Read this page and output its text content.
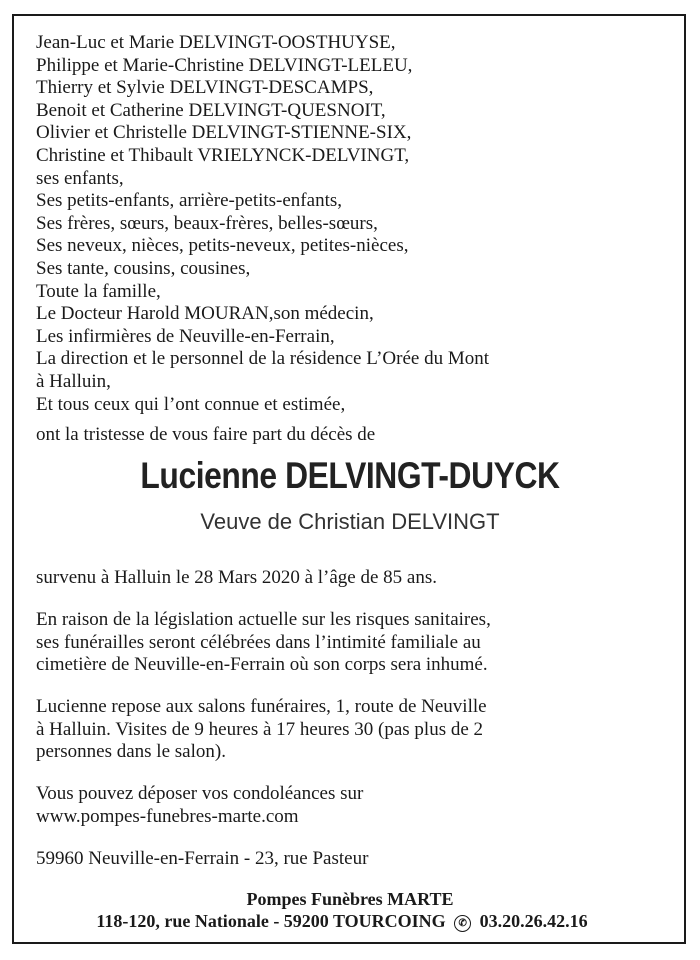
Jean-Luc et Marie DELVINGT-OOSTHUYSE,
Philippe et Marie-Christine DELVINGT-LELEU,
Thierry et Sylvie DELVINGT-DESCAMPS,
Benoit et Catherine DELVINGT-QUESNOIT,
Olivier et Christelle DELVINGT-STIENNE-SIX,
Christine et Thibault VRIELYNCK-DELVINGT,
ses enfants,
Ses petits-enfants, arrière-petits-enfants,
Ses frères, sœurs, beaux-frères, belles-sœurs,
Ses neveux, nièces, petits-neveux, petites-nièces,
Ses tante, cousins, cousines,
Toute la famille,
Le Docteur Harold MOURAN,son médecin,
Les infirmières de Neuville-en-Ferrain,
La direction et le personnel de la résidence L’Orée du Mont
à Halluin,
Et tous ceux qui l’ont connue et estimée,
ont la tristesse de vous faire part du décès de
Lucienne DELVINGT-DUYCK
Veuve de Christian DELVINGT

survenu à Halluin le 28 Mars 2020 à l’âge de 85 ans.

En raison de la législation actuelle sur les risques sanitaires,
ses funérailles seront célébrées dans l’intimité familiale au
cimetière de Neuville-en-Ferrain où son corps sera inhumé.

Lucienne repose aux salons funéraires, 1, route de Neuville
à Halluin. Visites de 9 heures à 17 heures 30 (pas plus de 2
personnes dans le salon).

Vous pouvez déposer vos condoléances sur
www.pompes-funebres-marte.com

59960 Neuville-en-Ferrain - 23, rue Pasteur

Pompes Funèbres MARTE
118-120, rue Nationale - 59200 TOURCOING ✆ 03.20.26.42.16
